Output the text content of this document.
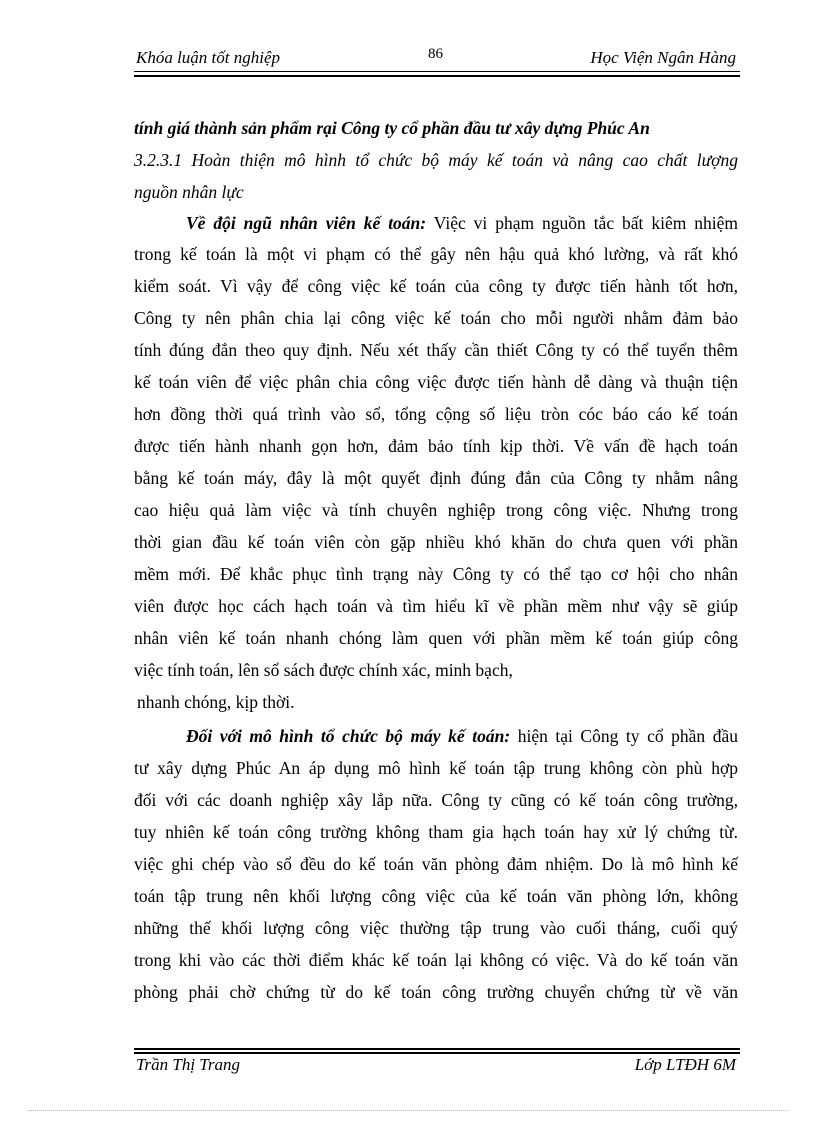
Khóa luận tốt nghiệp	86	Học Viện Ngân Hàng
tính giá thành sản phẩm rại Công ty cổ phần đầu tư xây dựng Phúc An
3.2.3.1 Hoàn thiện mô hình tổ chức bộ máy kế toán và nâng cao chất lượng
nguồn nhân lực
Về đội ngũ nhân viên kế toán: Việc vi phạm nguồn tắc bất kiêm nhiệm
trong kế toán là một vi phạm có thể gây nên hậu quả khó lường, và rất khó
kiểm soát. Vì vậy để công việc kế toán của công ty được tiến hành tốt hơn,
Công ty nên phân chia lại công việc kế toán cho mỗi người nhằm đảm bảo
tính đúng đắn theo quy định. Nếu xét thấy cần thiết Công ty có thể tuyển thêm
kế toán viên để việc phân chia công việc được tiến hành dễ dàng và thuận tiện
hơn đồng thời quá trình vào sổ, tổng cộng số liệu tròn cóc báo cáo kế toán
được tiến hành nhanh gọn hơn, đảm bảo tính kịp thời. Về vấn đề hạch toán
bằng kế toán máy, đây là một quyết định đúng đắn của Công ty nhằm nâng
cao hiệu quả làm việc và tính chuyên nghiệp trong công việc. Nhưng trong
thời gian đầu kế toán viên còn gặp nhiều khó khăn do chưa quen với phần
mềm mới. Để khắc phục tình trạng này Công ty có thể tạo cơ hội cho nhân
viên được học cách hạch toán và tìm hiểu kĩ về phần mềm như vậy sẽ giúp
nhân viên kế toán nhanh chóng làm quen với phần mềm kế toán giúp công
việc tính toán, lên sổ sách được chính xác, minh bạch,
nhanh chóng, kịp thời.
Đối với mô hình tổ chức bộ máy kế toán: hiện tại Công ty cổ phần đầu
tư xây dựng Phúc An áp dụng mô hình kế toán tập trung không còn phù hợp
đối với các doanh nghiệp xây lắp nữa. Công ty cũng có kế toán công trường,
tuy nhiên kế toán công trường không tham gia hạch toán hay xử lý chứng từ.
việc ghi chép vào sổ đều do kế toán văn phòng đảm nhiệm. Do là mô hình kế
toán tập trung nên khối lượng công việc của kế toán văn phòng lớn, không
những thế khối lượng công việc thường tập trung vào cuối tháng, cuối quý
trong khi vào các thời điểm khác kế toán lại không có việc. Và do kế toán văn
phòng phải chờ chứng từ do kế toán công trường chuyển chứng từ về văn
Trần Thị Trang	Lớp LTĐH 6M
